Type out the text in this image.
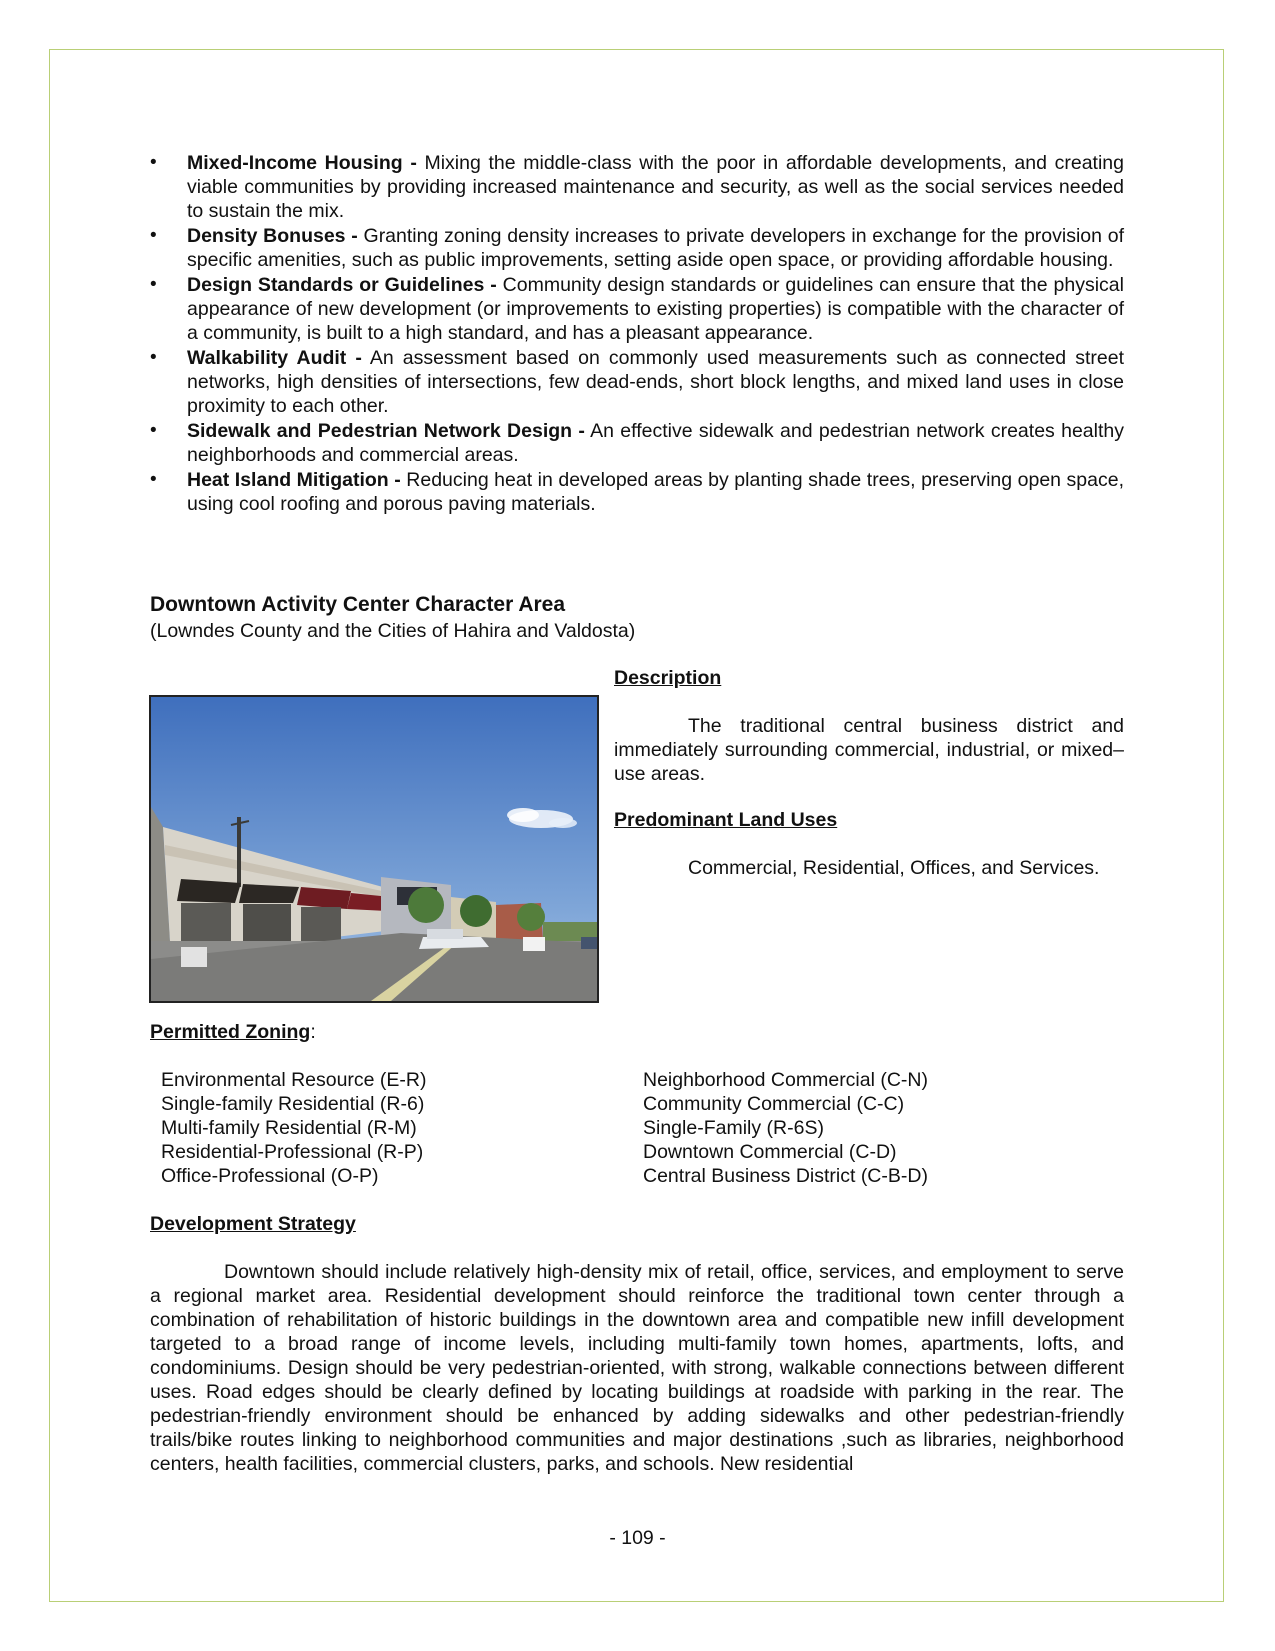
• Mixed-Income Housing - Mixing the middle-class with the poor in affordable developments, and creating viable communities by providing increased maintenance and security, as well as the social services needed to sustain the mix.
• Density Bonuses - Granting zoning density increases to private developers in exchange for the provision of specific amenities, such as public improvements, setting aside open space, or providing affordable housing.
• Design Standards or Guidelines - Community design standards or guidelines can ensure that the physical appearance of new development (or improvements to existing properties) is compatible with the character of a community, is built to a high standard, and has a pleasant appearance.
• Walkability Audit - An assessment based on commonly used measurements such as connected street networks, high densities of intersections, few dead-ends, short block lengths, and mixed land uses in close proximity to each other.
• Sidewalk and Pedestrian Network Design - An effective sidewalk and pedestrian network creates healthy neighborhoods and commercial areas.
• Heat Island Mitigation - Reducing heat in developed areas by planting shade trees, preserving open space, using cool roofing and porous paving materials.
Downtown Activity Center Character Area

(Lowndes County and the Cities of Hahira and Valdosta)

Description

The traditional central business district and immediately surrounding commercial, industrial, or mixed–use areas.

Predominant Land Uses

Commercial, Residential, Offices, and Services.

Permitted Zoning:

Environmental Resource (E-R)
Single-family Residential (R-6)
Multi-family Residential (R-M)
Residential-Professional (R-P)
Office-Professional (O-P)
Neighborhood Commercial (C-N)
Community Commercial (C-C)
Single-Family (R-6S)
Downtown Commercial (C-D)
Central Business District (C-B-D)

Development Strategy

Downtown should include relatively high-density mix of retail, office, services, and employment to serve a regional market area. Residential development should reinforce the traditional town center through a combination of rehabilitation of historic buildings in the downtown area and compatible new infill development targeted to a broad range of income levels, including multi-family town homes, apartments, lofts, and condominiums. Design should be very pedestrian-oriented, with strong, walkable connections between different uses. Road edges should be clearly defined by locating buildings at roadside with parking in the rear. The pedestrian-friendly environment should be enhanced by adding sidewalks and other pedestrian-friendly trails/bike routes linking to neighborhood communities and major destinations ,such as libraries, neighborhood centers, health facilities, commercial clusters, parks, and schools. New residential

- 109 -
